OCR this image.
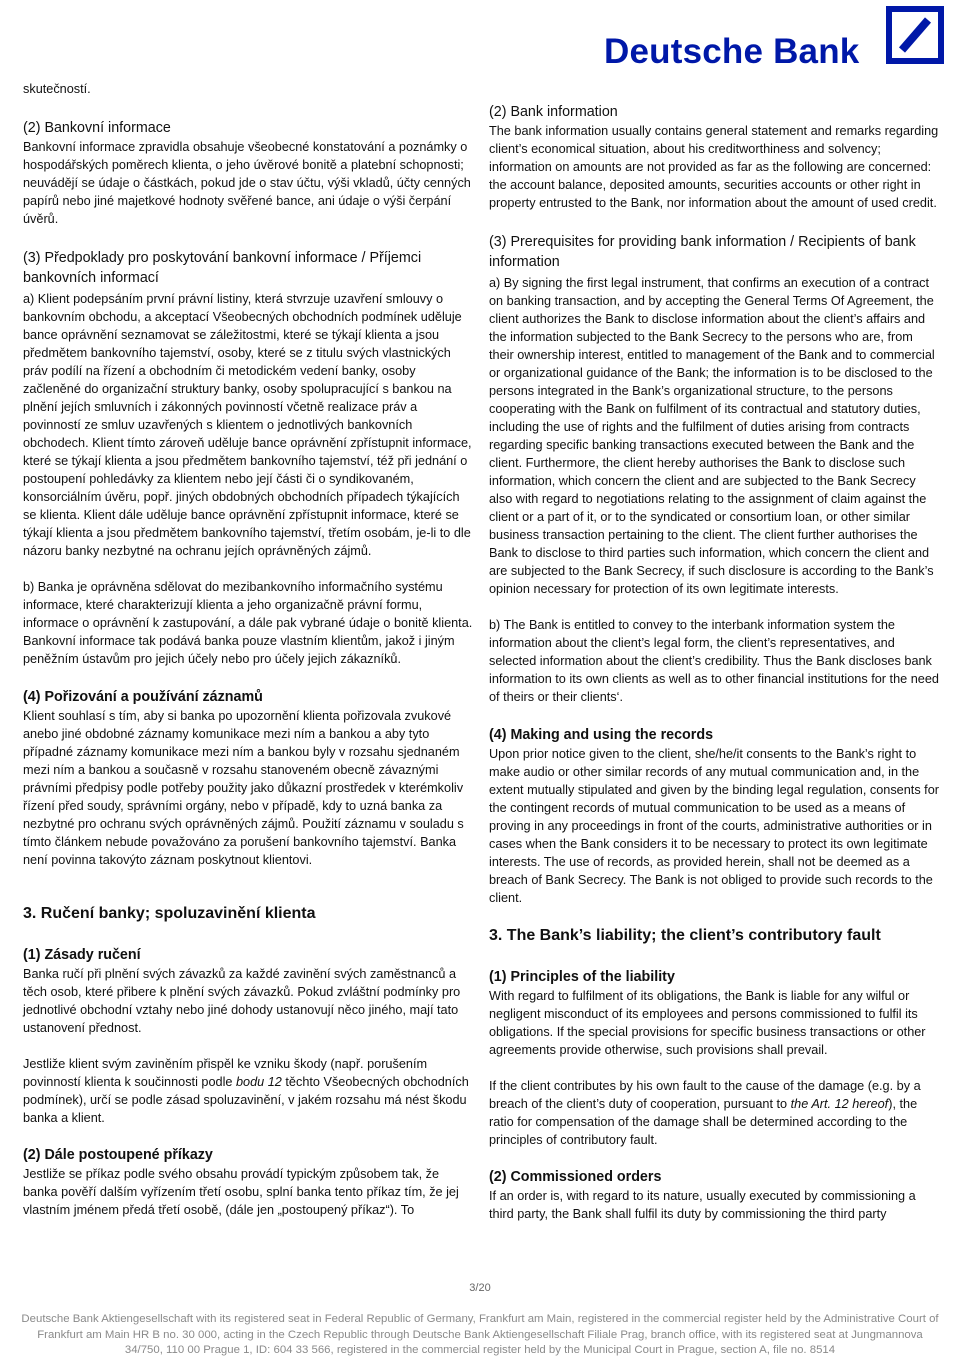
Deutsche Bank

skutečností.

(2) Bankovní informace

Bankovní informace zpravidla obsahuje všeobecné konstatování a poznámky o hospodářských poměrech klienta, o jeho úvěrové bonitě a platební schopnosti; neuvádějí se údaje o částkách, pokud jde o stav účtu, výši vkladů, účty cenných papírů nebo jiné majetkové hodnoty svěřené bance, ani údaje o výši čerpání úvěrů.

(3) Předpoklady pro poskytování bankovní informace / Příjemci bankovních informací

a) Klient podepsáním první právní listiny, která stvrzuje uzavření smlouvy o bankovním obchodu, a akceptací Všeobecných obchodních podmínek uděluje bance oprávnění seznamovat se záležitostmi, které se týkají klienta a jsou předmětem bankovního tajemství, osoby, které se z titulu svých vlastnických práv podílí na řízení a obchodním či metodickém vedení banky, osoby začleněné do organizační struktury banky, osoby spolupracující s bankou na plnění jejích smluvních i zákonných povinností včetně realizace práv a povinností ze smluv uzavřených s klientem o jednotlivých bankovních obchodech. Klient tímto zároveň uděluje bance oprávnění zpřístupnit informace, které se týkají klienta a jsou předmětem bankovního tajemství, též při jednání o postoupení pohledávky za klientem nebo její části či o syndikovaném, konsorciálním úvěru, popř. jiných obdobných obchodních případech týkajících se klienta. Klient dále uděluje bance oprávnění zpřístupnit informace, které se týkají klienta a jsou předmětem bankovního tajemství, třetím osobám, je-li to dle názoru banky nezbytné na ochranu jejích oprávněných zájmů.

b) Banka je oprávněna sdělovat do mezibankovního informačního systému informace, které charakterizují klienta a jeho organizačně právní formu, informace o oprávnění k zastupování, a dále pak vybrané údaje o bonitě klienta. Bankovní informace tak podává banka pouze vlastním klientům, jakož i jiným peněžním ústavům pro jejich účely nebo pro účely jejich zákazníků.

(4) Pořizování a používání záznamů

Klient souhlasí s tím, aby si banka po upozornění klienta pořizovala zvukové anebo jiné obdobné záznamy komunikace mezi ním a bankou a aby tyto případné záznamy komunikace mezi ním a bankou byly v rozsahu sjednaném mezi ním a bankou a současně v rozsahu stanoveném obecně závaznými právními předpisy podle potřeby použity jako důkazní prostředek v kterémkoliv řízení před soudy, správními orgány, nebo v případě, kdy to uzná banka za nezbytné pro ochranu svých oprávněných zájmů. Použití záznamu v souladu s tímto článkem nebude považováno za porušení bankovního tajemství. Banka není povinna takovýto záznam poskytnout klientovi.

3. Ručení banky; spoluzavinění klienta

(1) Zásady ručení

Banka ručí při plnění svých závazků za každé zavinění svých zaměstnanců a těch osob, které přibere k plnění svých závazků. Pokud zvláštní podmínky pro jednotlivé obchodní vztahy nebo jiné dohody ustanovují něco jiného, mají tato ustanovení přednost.

Jestliže klient svým zaviněním přispěl ke vzniku škody (např. porušením povinností klienta k součinnosti podle bodu 12 těchto Všeobecných obchodních podmínek), určí se podle zásad spoluzavinění, v jakém rozsahu má nést škodu banka a klient.

(2) Dále postoupené příkazy

Jestliže se příkaz podle svého obsahu provádí typickým způsobem tak, že banka pověří dalším vyřízením třetí osobu, splní banka tento příkaz tím, že jej vlastním jménem předá třetí osobě, (dále jen „postoupený příkaz“). To

(2) Bank information

The bank information usually contains general statement and remarks regarding client’s economical situation, about his creditworthiness and solvency; information on amounts are not provided as far as the following are concerned: the account balance, deposited amounts, securities accounts or other right in property entrusted to the Bank, nor information about the amount of used credit.

(3) Prerequisites for providing bank information / Recipients of bank information

a) By signing the first legal instrument, that confirms an execution of a contract on banking transaction, and by accepting the General Terms Of Agreement, the client authorizes the Bank to disclose information about the client’s affairs and the information subjected to the Bank Secrecy to the persons who are, from their ownership interest, entitled to management of the Bank and to commercial or organizational guidance of the Bank; the information is to be disclosed to the persons integrated in the Bank’s organizational structure, to the persons cooperating with the Bank on fulfilment of its contractual and statutory duties, including the use of rights and the fulfilment of duties arising from contracts regarding specific banking transactions executed between the Bank and the client. Furthermore, the client hereby authorises the Bank to disclose such information, which concern the client and are subjected to the Bank Secrecy also with regard to negotiations relating to the assignment of claim against the client or a part of it, or to the syndicated or consortium loan, or other similar business transaction pertaining to the client. The client further authorises the Bank to disclose to third parties such information, which concern the client and are subjected to the Bank Secrecy, if such disclosure is according to the Bank’s opinion necessary for protection of its own legitimate interests.

b) The Bank is entitled to convey to the interbank information system the information about the client’s legal form, the client’s representatives, and selected information about the client’s credibility. Thus the Bank discloses bank information to its own clients as well as to other financial institutions for the need of theirs or their clients‘.

(4) Making and using the records

Upon prior notice given to the client, she/he/it consents to the Bank’s right to make audio or other similar records of any mutual communication and, in the extent mutually stipulated and given by the binding legal regulation, consents for the contingent records of mutual communication to be used as a means of proving in any proceedings in front of the courts, administrative authorities or in cases when the Bank considers it to be necessary to protect its own legitimate interests. The use of records, as provided herein, shall not be deemed as a breach of Bank Secrecy. The Bank is not obliged to provide such records to the client.

3. The Bank’s liability; the client’s contributory fault

(1) Principles of the liability

With regard to fulfilment of its obligations, the Bank is liable for any wilful or negligent misconduct of its employees and persons commissioned to fulfil its obligations. If the special provisions for specific business transactions or other agreements provide otherwise, such provisions shall prevail.

If the client contributes by his own fault to the cause of the damage (e.g. by a breach of the client’s duty of cooperation, pursuant to the Art. 12 hereof), the ratio for compensation of the damage shall be determined according to the principles of contributory fault.

(2) Commissioned orders

If an order is, with regard to its nature, usually executed by commissioning a third party, the Bank shall fulfil its duty by commissioning the third party

3/20
Deutsche Bank Aktiengesellschaft with its registered seat in Federal Republic of Germany, Frankfurt am Main, registered in the commercial register held by the Administrative Court of Frankfurt am Main HR B no. 30 000, acting in the Czech Republic through Deutsche Bank Aktiengesellschaft Filiale Prag, branch office, with its registered seat at Jungmannova 34/750, 110 00 Prague 1, ID: 604 33 566, registered in the commercial register held by the Municipal Court in Prague, section A, file no. 8514
